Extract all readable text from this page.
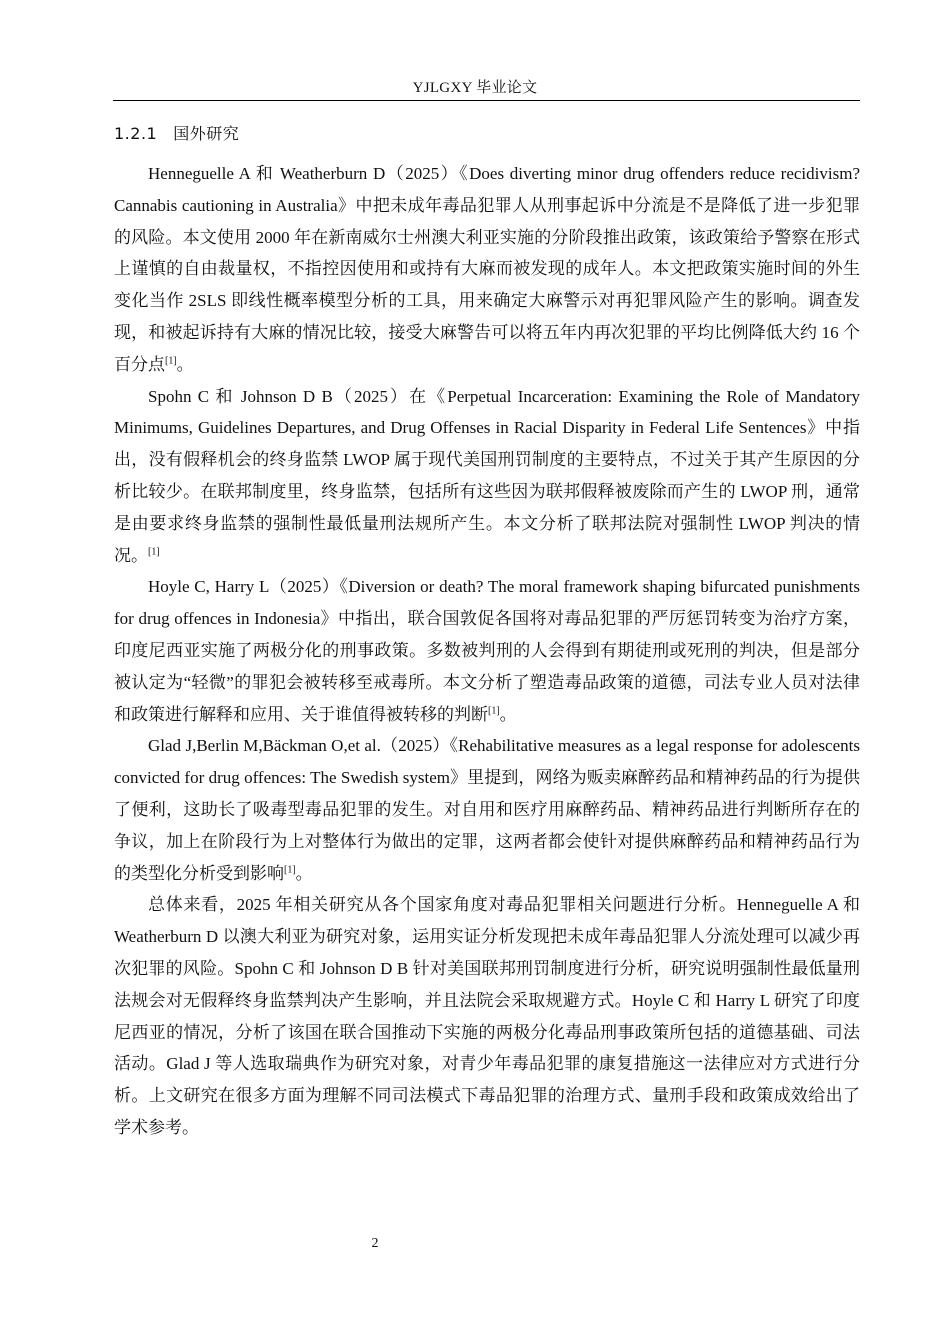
YJLGXY 毕业论文
1.2.1 国外研究

Henneguelle A 和 Weatherburn D（2025）《Does diverting minor drug offenders reduce recidivism? Cannabis cautioning in Australia》中把未成年毒品犯罪人从刑事起诉中分流是不是降低了进一步犯罪的风险。本文使用 2000 年在新南威尔士州澳大利亚实施的分阶段推出政策，该政策给予警察在形式上谨慎的自由裁量权，不指控因使用和或持有大麻而被发现的成年人。本文把政策实施时间的外生变化当作 2SLS 即线性概率模型分析的工具，用来确定大麻警示对再犯罪风险产生的影响。调查发现，和被起诉持有大麻的情况比较，接受大麻警告可以将五年内再次犯罪的平均比例降低大约 16 个百分点[1]。

Spohn C 和 Johnson D B（2025）在《Perpetual Incarceration: Examining the Role of Mandatory Minimums, Guidelines Departures, and Drug Offenses in Racial Disparity in Federal Life Sentences》中指出，没有假释机会的终身监禁 LWOP 属于现代美国刑罚制度的主要特点，不过关于其产生原因的分析比较少。在联邦制度里，终身监禁，包括所有这些因为联邦假释被废除而产生的 LWOP 刑，通常是由要求终身监禁的强制性最低量刑法规所产生。本文分析了联邦法院对强制性 LWOP 判决的情况。[1]

Hoyle C, Harry L（2025）《Diversion or death? The moral framework shaping bifurcated punishments for drug offences in Indonesia》中指出，联合国敦促各国将对毒品犯罪的严厉惩罚转变为治疗方案，印度尼西亚实施了两极分化的刑事政策。多数被判刑的人会得到有期徒刑或死刑的判决，但是部分被认定为“轻微”的罪犯会被转移至戒毒所。本文分析了塑造毒品政策的道德，司法专业人员对法律和政策进行解释和应用、关于谁值得被转移的判断[1]。

Glad J,Berlin M,Bäckman O,et al.（2025）《Rehabilitative measures as a legal response for adolescents convicted for drug offences: The Swedish system》里提到，网络为贩卖麻醉药品和精神药品的行为提供了便利，这助长了吸毒型毒品犯罪的发生。对自用和医疗用麻醉药品、精神药品进行判断所存在的争议，加上在阶段行为上对整体行为做出的定罪，这两者都会使针对提供麻醉药品和精神药品行为的类型化分析受到影响[1]。

总体来看，2025 年相关研究从各个国家角度对毒品犯罪相关问题进行分析。Henneguelle A 和 Weatherburn D 以澳大利亚为研究对象，运用实证分析发现把未成年毒品犯罪人分流处理可以减少再次犯罪的风险。Spohn C 和 Johnson D B 针对美国联邦刑罚制度进行分析，研究说明强制性最低量刑法规会对无假释终身监禁判决产生影响，并且法院会采取规避方式。Hoyle C 和 Harry L 研究了印度尼西亚的情况，分析了该国在联合国推动下实施的两极分化毒品刑事政策所包括的道德基础、司法活动。Glad J 等人选取瑞典作为研究对象，对青少年毒品犯罪的康复措施这一法律应对方式进行分析。上文研究在很多方面为理解不同司法模式下毒品犯罪的治理方式、量刑手段和政策成效给出了学术参考。

2
